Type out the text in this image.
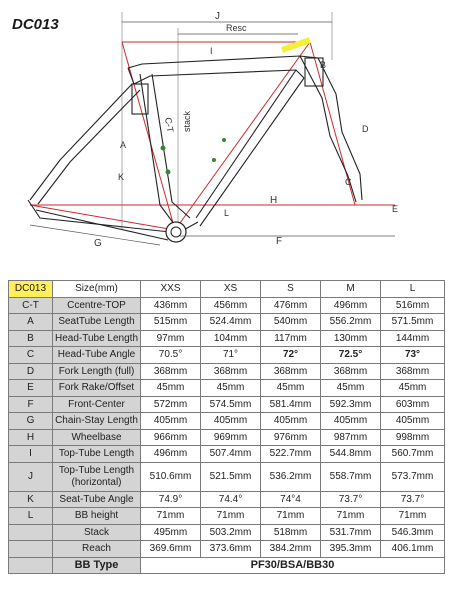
DC013	J
Resc
I
stack
C-T
G	F
H
L
K
A
B
C
D
E
DC013	Size(mm)	XXS	XS	S	M	L
C-T	Ccentre-TOP	436mm	456mm	476mm	496mm	516mm
A	SeatTube Length	515mm	524.4mm	540mm	556.2mm	571.5mm
B	Head-Tube Length	97mm	104mm	117mm	130mm	144mm
C	Head-Tube Angle	70.5°	71°	72°	72.5°	73°
D	Fork Length (full)	368mm	368mm	368mm	368mm	368mm
E	Fork Rake/Offset	45mm	45mm	45mm	45mm	45mm
F	Front-Center	572mm	574.5mm	581.4mm	592.3mm	603mm
G	Chain-Stay Length	405mm	405mm	405mm	405mm	405mm
H	Wheelbase	966mm	969mm	976mm	987mm	998mm
I	Top-Tube Length	496mm	507.4mm	522.7mm	544.8mm	560.7mm
J	Top-Tube Length (horizontal)	510.6mm	521.5mm	536.2mm	558.7mm	573.7mm
K	Seat-Tube Angle	74.9°	74.4°	74°4	73.7°	73.7°
L	BB height	71mm	71mm	71mm	71mm	71mm
	Stack	495mm	503.2mm	518mm	531.7mm	546.3mm
	Reach	369.6mm	373.6mm	384.2mm	395.3mm	406.1mm
	BB Type	PF30/BSA/BB30				
